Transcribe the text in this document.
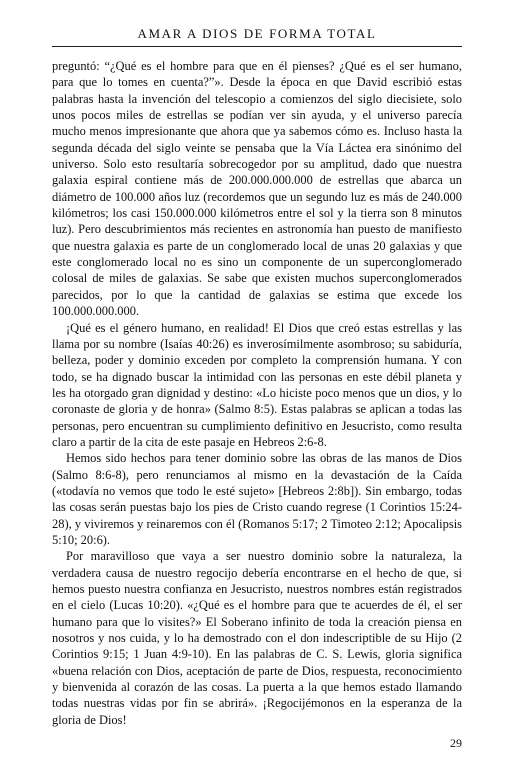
AMAR A DIOS DE FORMA TOTAL

preguntó: “¿Qué es el hombre para que en él pienses? ¿Qué es el ser humano, para que lo tomes en cuenta?”». Desde la época en que David escribió estas palabras hasta la invención del telescopio a comienzos del siglo diecisiete, solo unos pocos miles de estrellas se podían ver sin ayuda, y el universo parecía mucho menos impresionante que ahora que ya sabemos cómo es. Incluso hasta la segunda década del siglo veinte se pensaba que la Vía Láctea era sinónimo del universo. Solo esto resultaría sobrecogedor por su amplitud, dado que nuestra galaxia espiral contiene más de 200.000.000.000 de estrellas que abarca un diámetro de 100.000 años luz (recordemos que un segundo luz es más de 240.000 kilómetros; los casi 150.000.000 kilómetros entre el sol y la tierra son 8 minutos luz). Pero descubrimientos más recientes en astronomía han puesto de manifiesto que nuestra galaxia es parte de un conglomerado local de unas 20 galaxias y que este conglomerado local no es sino un componente de un superconglomerado colosal de miles de galaxias. Se sabe que existen muchos superconglomerados parecidos, por lo que la cantidad de galaxias se estima que excede los 100.000.000.000.

¡Qué es el género humano, en realidad! El Dios que creó estas estrellas y las llama por su nombre (Isaías 40:26) es inverosímilmente asombroso; su sabiduría, belleza, poder y dominio exceden por completo la comprensión humana. Y con todo, se ha dignado buscar la intimidad con las personas en este débil planeta y les ha otorgado gran dignidad y destino: «Lo hiciste poco menos que un dios, y lo coronaste de gloria y de honra» (Salmo 8:5). Estas palabras se aplican a todas las personas, pero encuentran su cumplimiento definitivo en Jesucristo, como resulta claro a partir de la cita de este pasaje en Hebreos 2:6-8.

Hemos sido hechos para tener dominio sobre las obras de las manos de Dios (Salmo 8:6-8), pero renunciamos al mismo en la devastación de la Caída («todavía no vemos que todo le esté sujeto» [Hebreos 2:8b]). Sin embargo, todas las cosas serán puestas bajo los pies de Cristo cuando regrese (1 Corintios 15:24-28), y viviremos y reinaremos con él (Romanos 5:17; 2 Timoteo 2:12; Apocalipsis 5:10; 20:6).

Por maravilloso que vaya a ser nuestro dominio sobre la naturaleza, la verdadera causa de nuestro regocijo debería encontrarse en el hecho de que, si hemos puesto nuestra confianza en Jesucristo, nuestros nombres están registrados en el cielo (Lucas 10:20). «¿Qué es el hombre para que te acuerdes de él, el ser humano para que lo visites?» El Soberano infinito de toda la creación piensa en nosotros y nos cuida, y lo ha demostrado con el don indescriptible de su Hijo (2 Corintios 9:15; 1 Juan 4:9-10). En las palabras de C. S. Lewis, gloria significa «buena relación con Dios, aceptación de parte de Dios, respuesta, reconocimiento y bienvenida al corazón de las cosas. La puerta a la que hemos estado llamando todas nuestras vidas por fin se abrirá». ¡Regocijémonos en la esperanza de la gloria de Dios!

29
